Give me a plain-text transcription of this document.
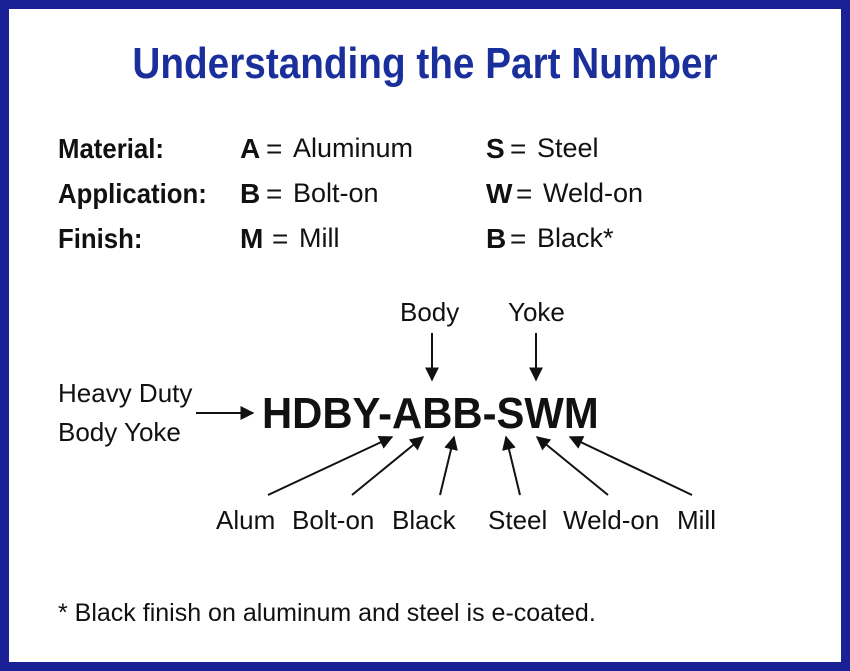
Understanding the Part Number
Material:	A = Aluminum	S = Steel
Application: B = Bolt-on	W = Weld-on
Finish:	M = Mill	B = Black*
Body Yoke
Heavy Duty
Body Yoke HDBY-ABB-SWM
Alum Bolt-on Black Steel Weld-on Mill
* Black finish on aluminum and steel is e-coated.
